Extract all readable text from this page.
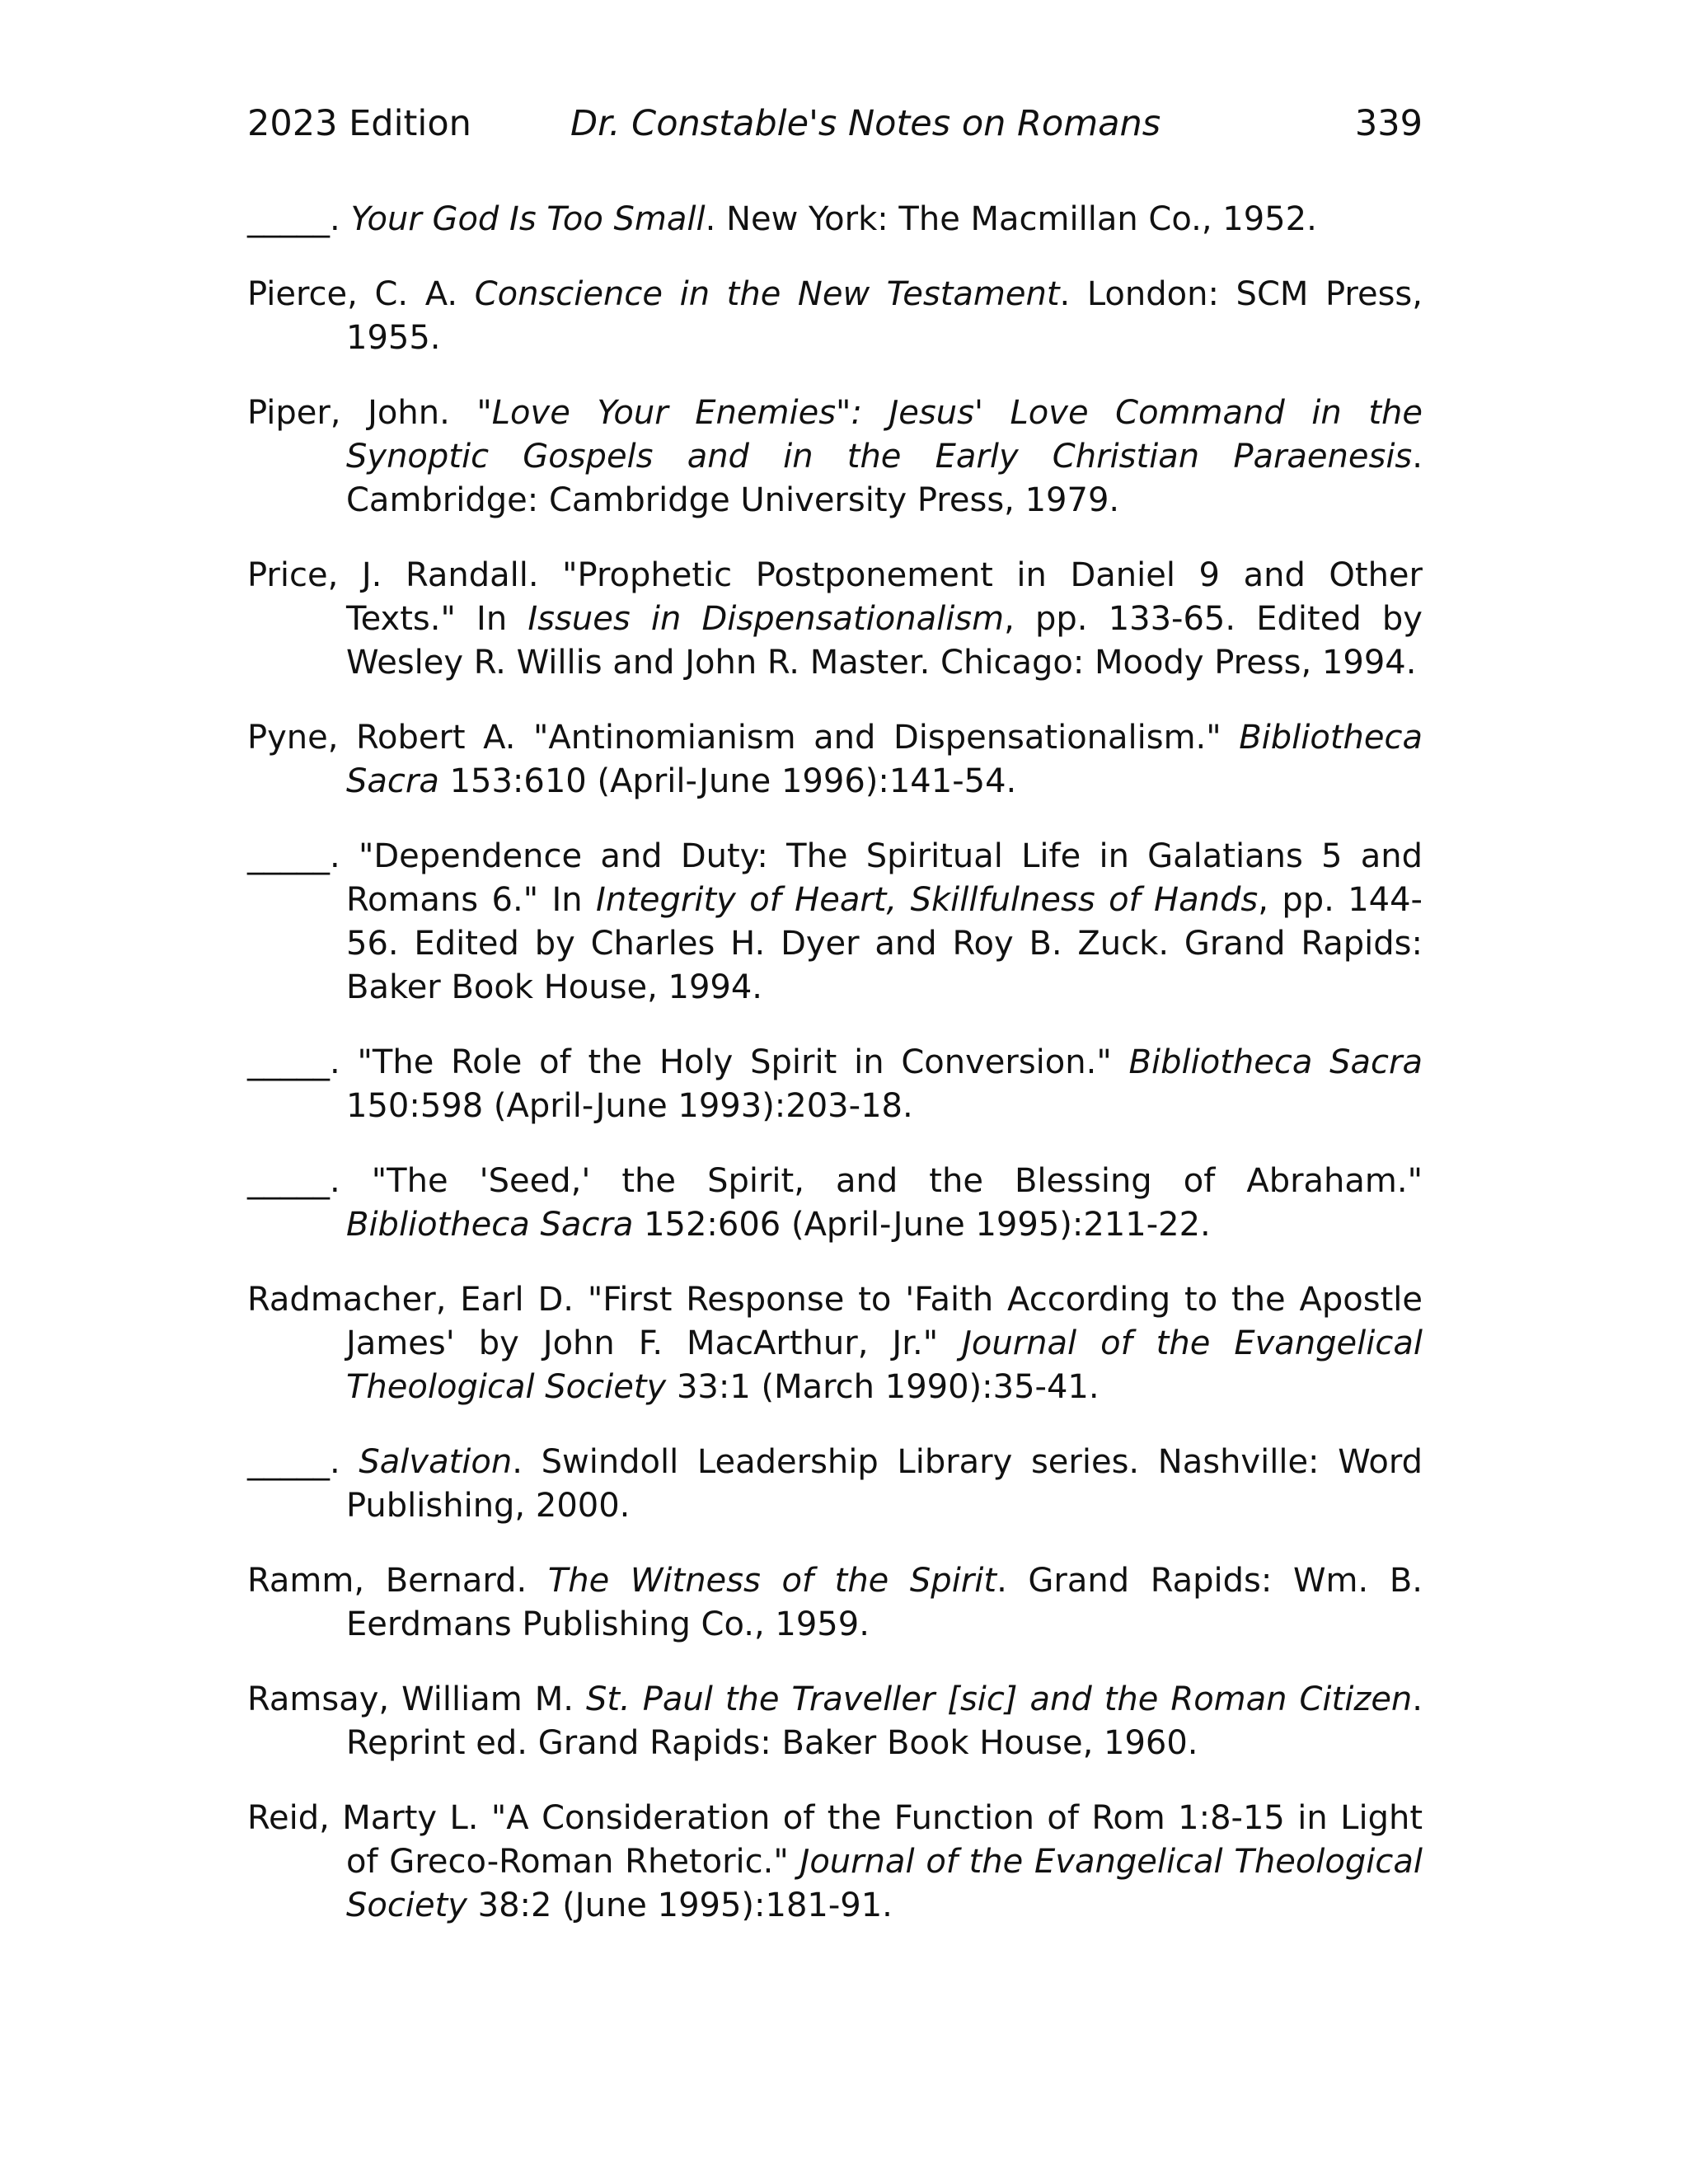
2023 Edition	Dr. Constable's Notes on Romans	339

_____. Your God Is Too Small. New York: The Macmillan Co., 1952.

Pierce, C. A. Conscience in the New Testament. London: SCM Press, 1955.

Piper, John. "Love Your Enemies": Jesus' Love Command in the Synoptic Gospels and in the Early Christian Paraenesis. Cambridge: Cambridge University Press, 1979.

Price, J. Randall. "Prophetic Postponement in Daniel 9 and Other Texts." In Issues in Dispensationalism, pp. 133-65. Edited by Wesley R. Willis and John R. Master. Chicago: Moody Press, 1994.

Pyne, Robert A. "Antinomianism and Dispensationalism." Bibliotheca Sacra 153:610 (April-June 1996):141-54.

_____. "Dependence and Duty: The Spiritual Life in Galatians 5 and Romans 6." In Integrity of Heart, Skillfulness of Hands, pp. 144-56. Edited by Charles H. Dyer and Roy B. Zuck. Grand Rapids: Baker Book House, 1994.

_____. "The Role of the Holy Spirit in Conversion." Bibliotheca Sacra 150:598 (April-June 1993):203-18.

_____. "The 'Seed,' the Spirit, and the Blessing of Abraham." Bibliotheca Sacra 152:606 (April-June 1995):211-22.

Radmacher, Earl D. "First Response to 'Faith According to the Apostle James' by John F. MacArthur, Jr." Journal of the Evangelical Theological Society 33:1 (March 1990):35-41.

_____. Salvation. Swindoll Leadership Library series. Nashville: Word Publishing, 2000.

Ramm, Bernard. The Witness of the Spirit. Grand Rapids: Wm. B. Eerdmans Publishing Co., 1959.

Ramsay, William M. St. Paul the Traveller [sic] and the Roman Citizen. Reprint ed. Grand Rapids: Baker Book House, 1960.

Reid, Marty L. "A Consideration of the Function of Rom 1:8-15 in Light of Greco-Roman Rhetoric." Journal of the Evangelical Theological Society 38:2 (June 1995):181-91.
